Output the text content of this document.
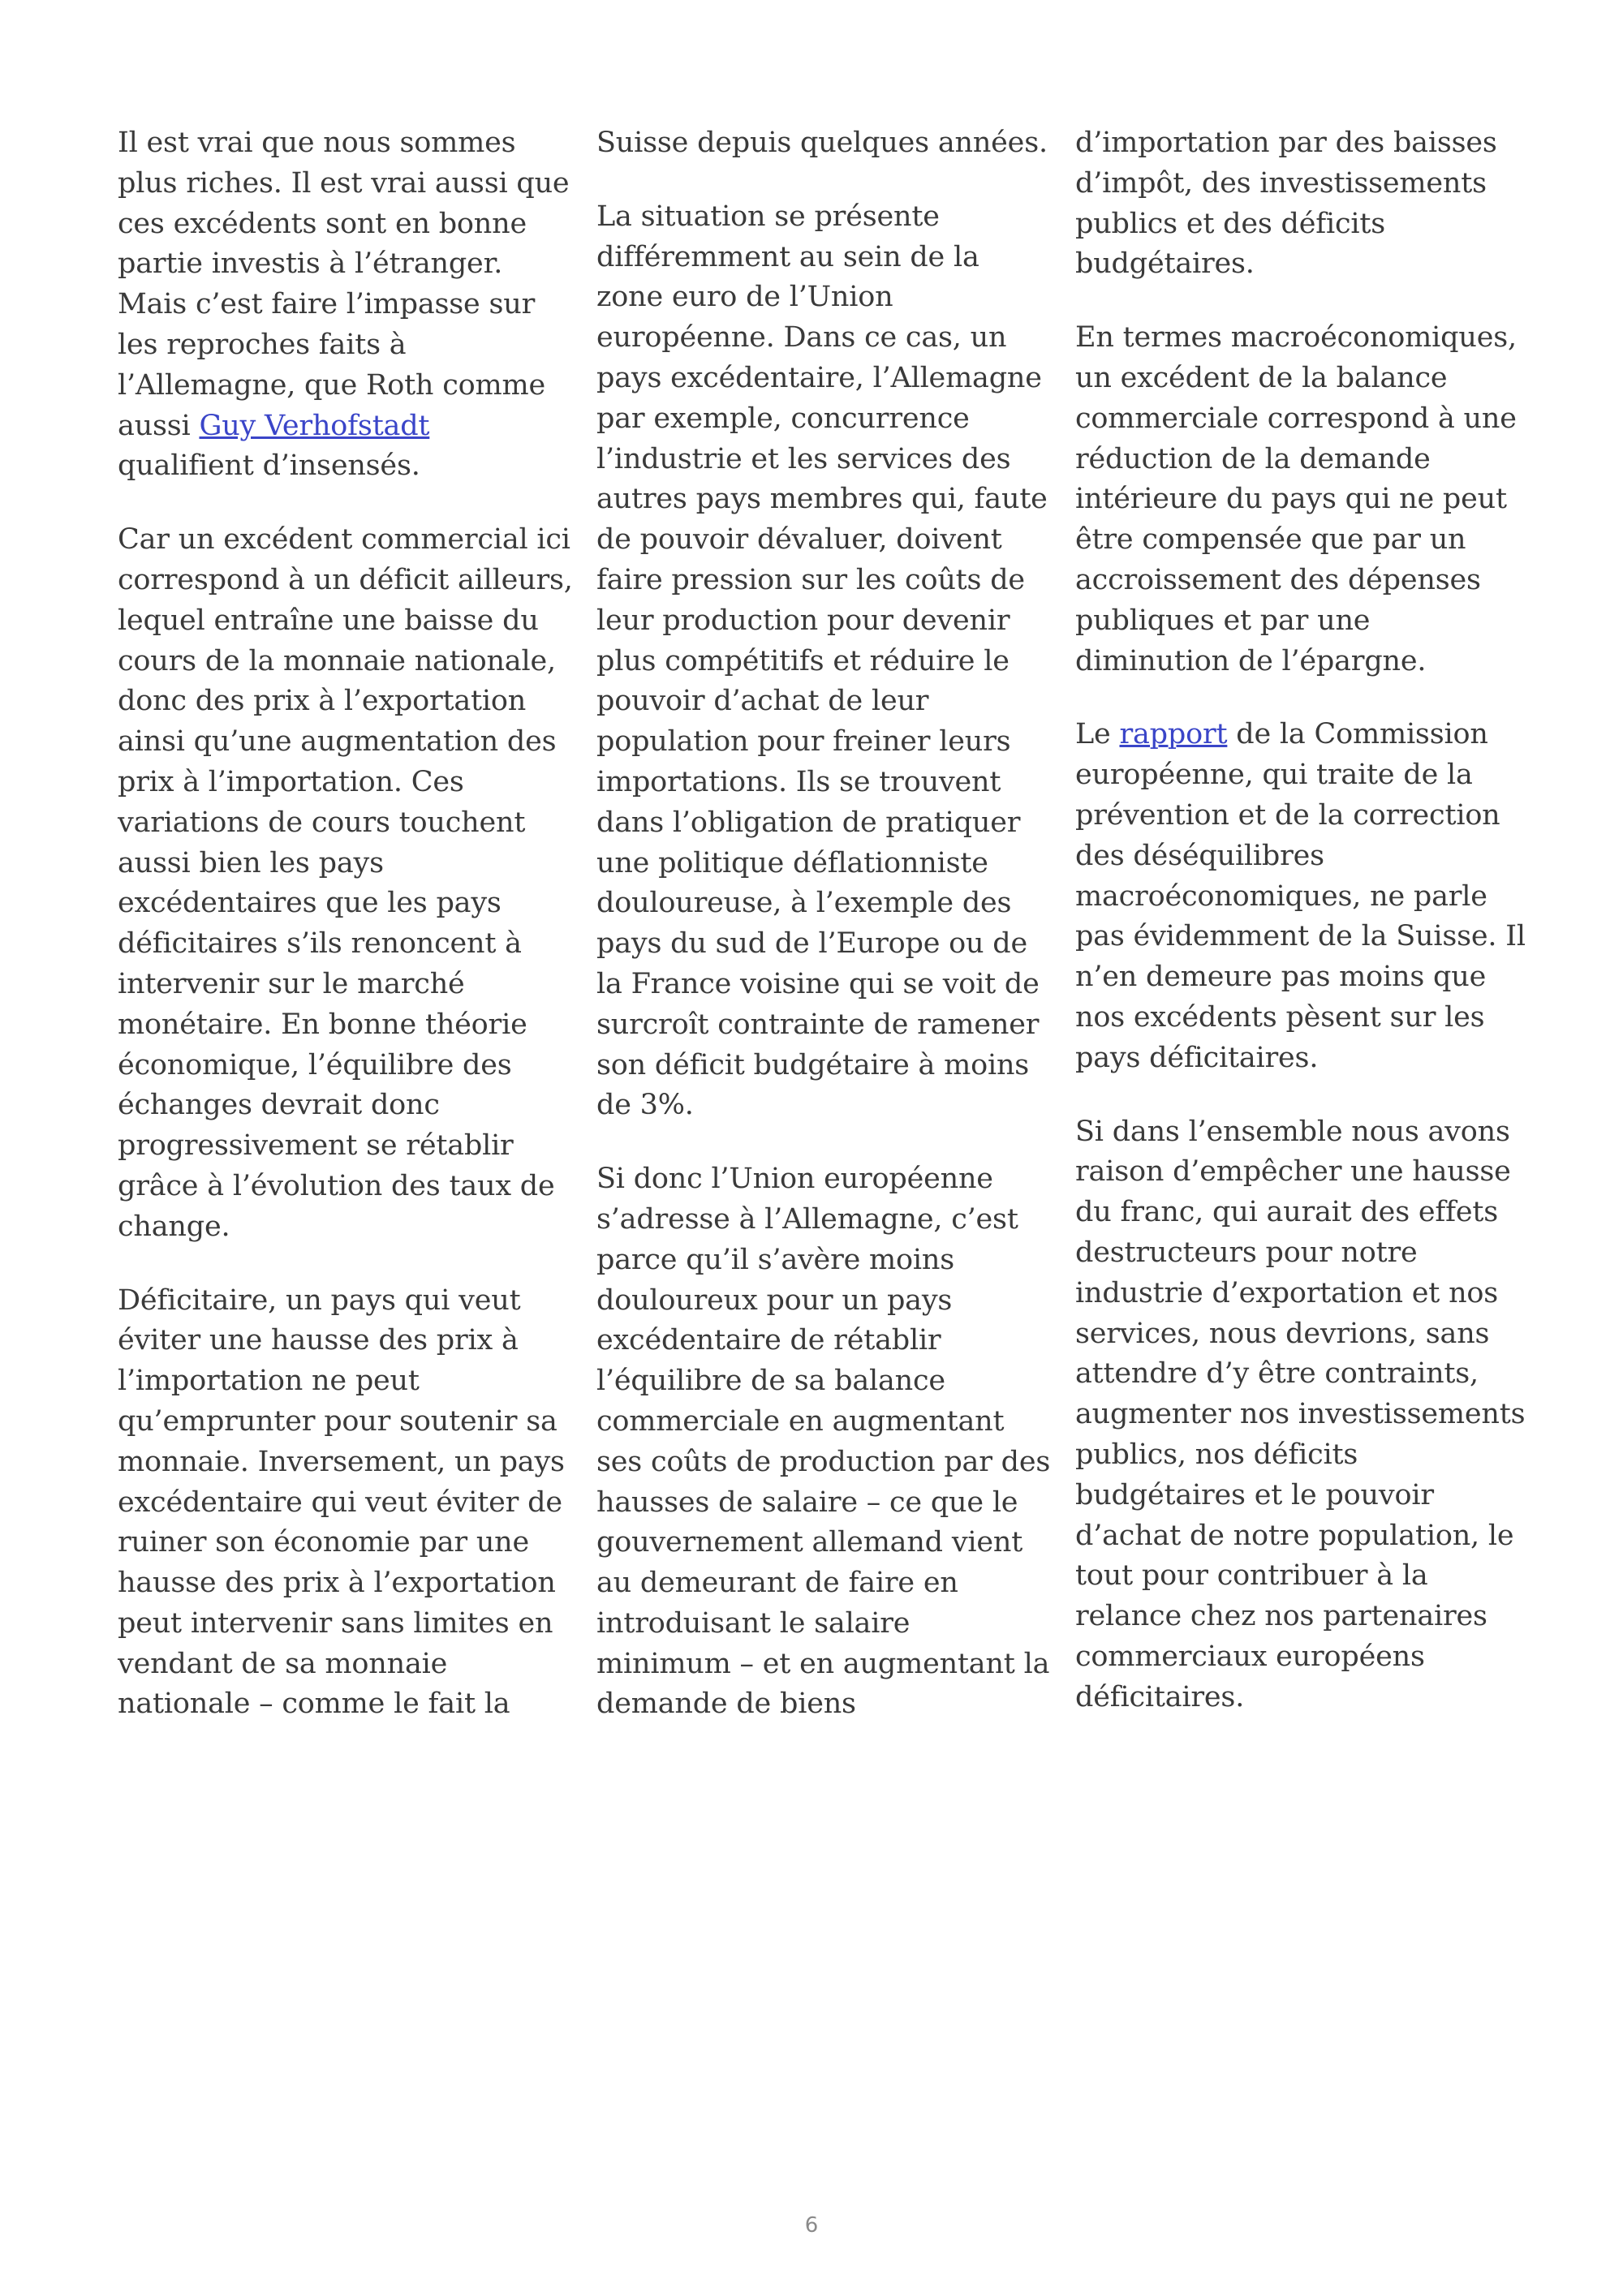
Il est vrai que nous sommes
plus riches. Il est vrai aussi que
ces excédents sont en bonne
partie investis à l’étranger.
Mais c’est faire l’impasse sur
les reproches faits à
l’Allemagne, que Roth comme
aussi Guy Verhofstadt
qualifient d’insensés.
Car un excédent commercial ici
correspond à un déficit ailleurs,
lequel entraîne une baisse du
cours de la monnaie nationale,
donc des prix à l’exportation
ainsi qu’une augmentation des
prix à l’importation. Ces
variations de cours touchent
aussi bien les pays
excédentaires que les pays
déficitaires s’ils renoncent à
intervenir sur le marché
monétaire. En bonne théorie
économique, l’équilibre des
échanges devrait donc
progressivement se rétablir
grâce à l’évolution des taux de
change.
Déficitaire, un pays qui veut
éviter une hausse des prix à
l’importation ne peut
qu’emprunter pour soutenir sa
monnaie. Inversement, un pays
excédentaire qui veut éviter de
ruiner son économie par une
hausse des prix à l’exportation
peut intervenir sans limites en
vendant de sa monnaie
nationale – comme le fait la
Suisse depuis quelques années.
La situation se présente
différemment au sein de la
zone euro de l’Union
européenne. Dans ce cas, un
pays excédentaire, l’Allemagne
par exemple, concurrence
l’industrie et les services des
autres pays membres qui, faute
de pouvoir dévaluer, doivent
faire pression sur les coûts de
leur production pour devenir
plus compétitifs et réduire le
pouvoir d’achat de leur
population pour freiner leurs
importations. Ils se trouvent
dans l’obligation de pratiquer
une politique déflationniste
douloureuse, à l’exemple des
pays du sud de l’Europe ou de
la France voisine qui se voit de
surcroît contrainte de ramener
son déficit budgétaire à moins
de 3%.
Si donc l’Union européenne
s’adresse à l’Allemagne, c’est
parce qu’il s’avère moins
douloureux pour un pays
excédentaire de rétablir
l’équilibre de sa balance
commerciale en augmentant
ses coûts de production par des
hausses de salaire – ce que le
gouvernement allemand vient
au demeurant de faire en
introduisant le salaire
minimum – et en augmentant la
demande de biens
d’importation par des baisses
d’impôt, des investissements
publics et des déficits
budgétaires.
En termes macroéconomiques,
un excédent de la balance
commerciale correspond à une
réduction de la demande
intérieure du pays qui ne peut
être compensée que par un
accroissement des dépenses
publiques et par une
diminution de l’épargne.
Le rapport de la Commission
européenne, qui traite de la
prévention et de la correction
des déséquilibres
macroéconomiques, ne parle
pas évidemment de la Suisse. Il
n’en demeure pas moins que
nos excédents pèsent sur les
pays déficitaires.
Si dans l’ensemble nous avons
raison d’empêcher une hausse
du franc, qui aurait des effets
destructeurs pour notre
industrie d’exportation et nos
services, nous devrions, sans
attendre d’y être contraints,
augmenter nos investissements
publics, nos déficits
budgétaires et le pouvoir
d’achat de notre population, le
tout pour contribuer à la
relance chez nos partenaires
commerciaux européens
déficitaires.
6
